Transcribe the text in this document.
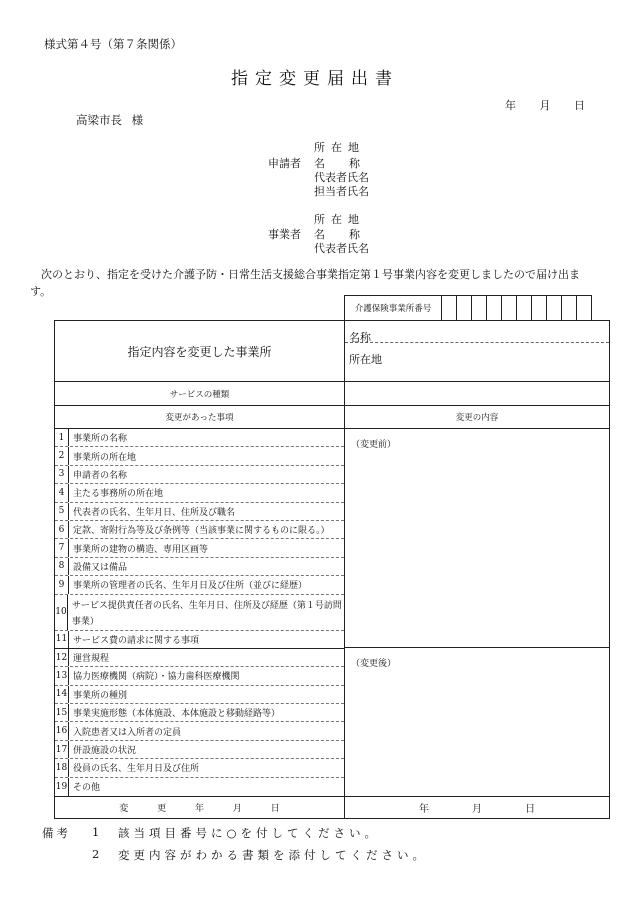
様式第４号（第７条関係）
指定変更届出書
年 月 日
高梁市長 様
申請者
所在地
名称
代表者氏名
担当者氏名
事業者
所在地
名称
代表者氏名
次のとおり、指定を受けた介護予防・日常生活支援総合事業指定第１号事業内容を変更しましたので届け出ます。
介護保険事業所番号
指定内容を変更した事業所
名称
所在地
サービスの種類
変更があった事項	変更の内容
1 事業所の名称
2 事業所の所在地
3 申請者の名称
4 主たる事務所の所在地
5 代表者の氏名、生年月日、住所及び職名
6 定款、寄附行為等及び条例等（当該事業に関するものに限る。）
7 事業所の建物の構造、専用区画等
8 設備又は備品
9 事業所の管理者の氏名、生年月日及び住所（並びに経歴）
10
サービス提供責任者の氏名、生年月日、住所及び経歴（第１号訪問事業）
11 サービス費の請求に関する事項
12 運営規程
13 協力医療機関（病院）・協力歯科医療機関
14 事業所の種別
15 事業実施形態（本体施設、本体施設と移動経路等）
16 入院患者又は入所者の定員
17 併設施設の状況
18 役員の氏名、生年月日及び住所
19 その他
（変更前）
（変更後）
変 更 年 月 日	年 月 日
備考 1 該当項目番号に○を付してください。
2 変更内容がわかる書類を添付してください。
